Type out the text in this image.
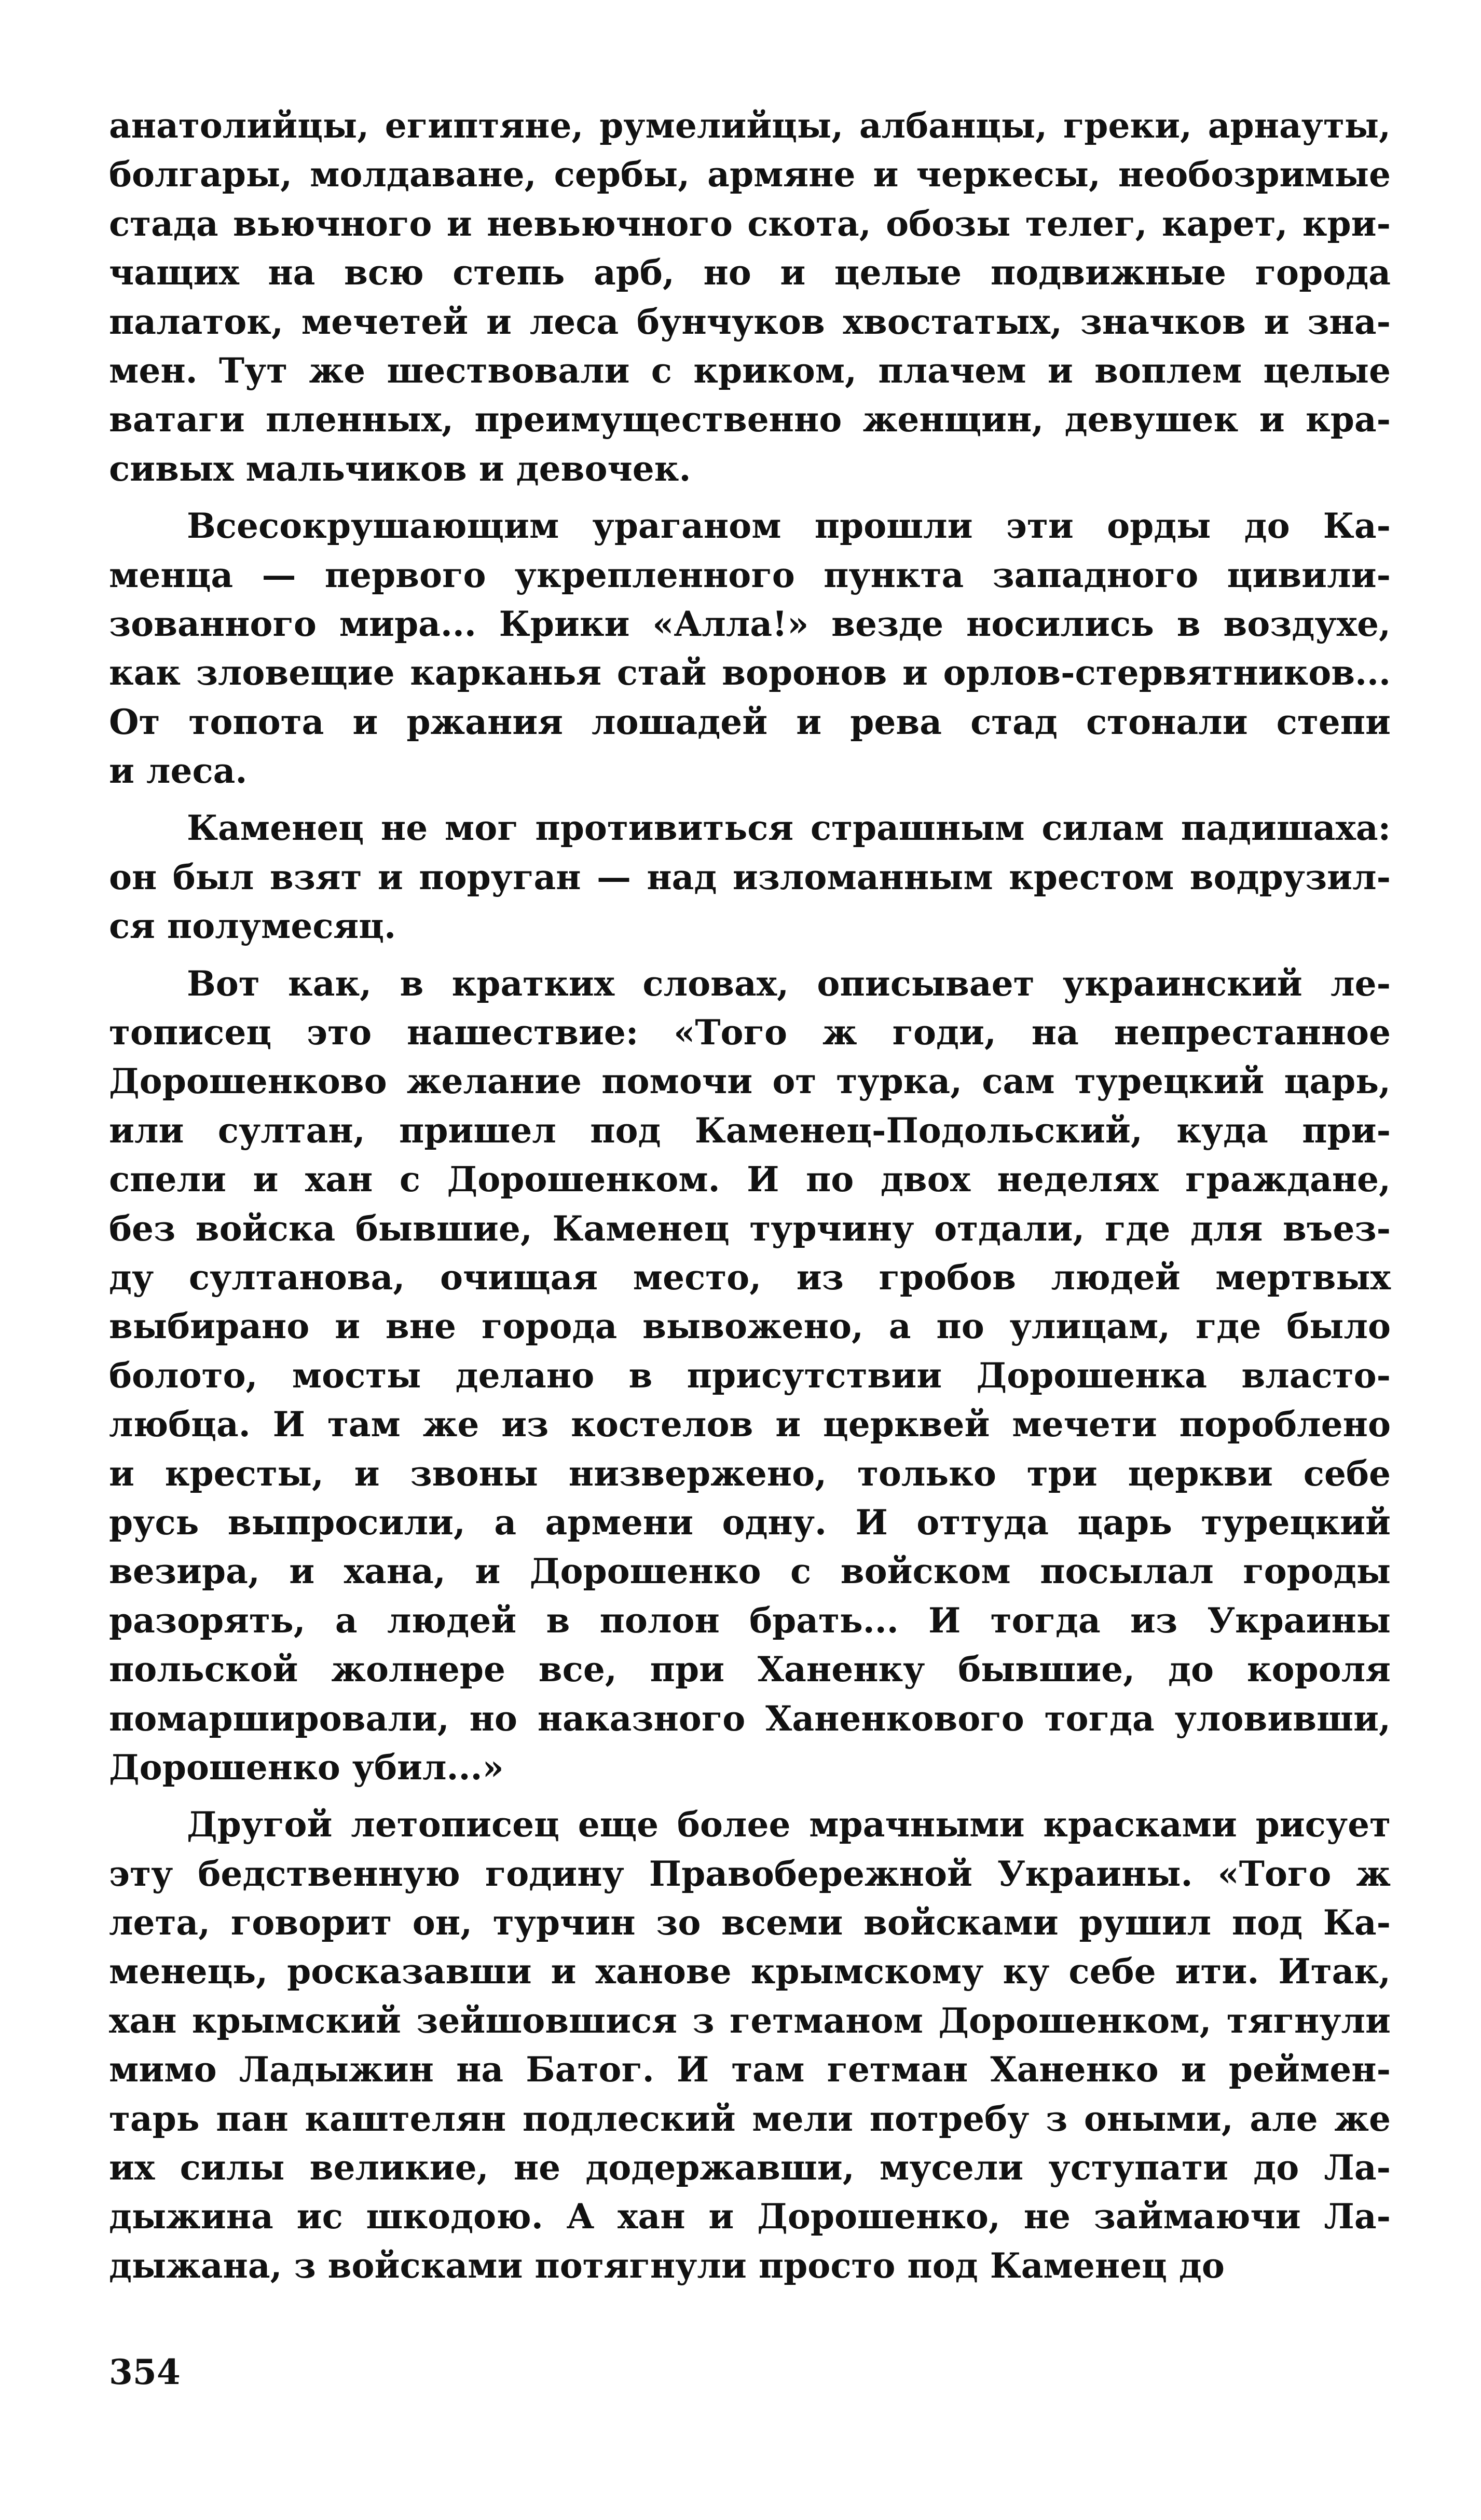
анатолийцы, египтяне, румелийцы, албанцы, греки, арнауты,
болгары, молдаване, сербы, армяне и черкесы, необозримые
стада вьючного и невьючного скота, обозы телег, карет, кри-
чащих на всю степь арб, но и целые подвижные города
палаток, мечетей и леса бунчуков хвостатых, значков и зна-
мен. Тут же шествовали с криком, плачем и воплем целые
ватаги пленных, преимущественно женщин, девушек и кра-
сивых мальчиков и девочек.
Всесокрушающим ураганом прошли эти орды до Ка-
менца — первого укрепленного пункта западного цивили-
зованного мира... Крики «Алла!» везде носились в воздухе,
как зловещие карканья стай воронов и орлов-стервятников...
От топота и ржания лошадей и рева стад стонали степи
и леса.
Каменец не мог противиться страшным силам падишаха:
он был взят и поруган — над изломанным крестом водрузил-
ся полумесяц.
Вот как, в кратких словах, описывает украинский ле-
тописец это нашествие: «Того ж годи, на непрестанное
Дорошенково желание помочи от турка, сам турецкий царь,
или султан, пришел под Каменец-Подольский, куда при-
спели и хан с Дорошенком. И по двох неделях граждане,
без войска бывшие, Каменец турчину отдали, где для въез-
ду султанова, очищая место, из гробов людей мертвых
выбирано и вне города вывожено, а по улицам, где было
болото, мосты делано в присутствии Дорошенка власто-
любца. И там же из костелов и церквей мечети пороблено
и кресты, и звоны низвержено, только три церкви себе
русь выпросили, а армени одну. И оттуда царь турецкий
везира, и хана, и Дорошенко с войском посылал городы
разорять, а людей в полон брать... И тогда из Украины
польской жолнере все, при Ханенку бывшие, до короля
помаршировали, но наказного Ханенкового тогда уловивши,
Дорошенко убил...»
Другой летописец еще более мрачными красками рисует
эту бедственную годину Правобережной Украины. «Того ж
лета, говорит он, турчин зо всеми войсками рушил под Ка-
менець, росказавши и ханове крымскому ку себе ити. Итак,
хан крымский зейшовшися з гетманом Дорошенком, тягнули
мимо Ладыжин на Батог. И там гетман Ханенко и реймен-
тарь пан каштелян подлеский мели потребу з оными, але же
их силы великие, не додержавши, мусели уступати до Ла-
дыжина ис шкодою. А хан и Дорошенко, не займаючи Ла-
дыжана, з войсками потягнули просто под Каменец до
354
